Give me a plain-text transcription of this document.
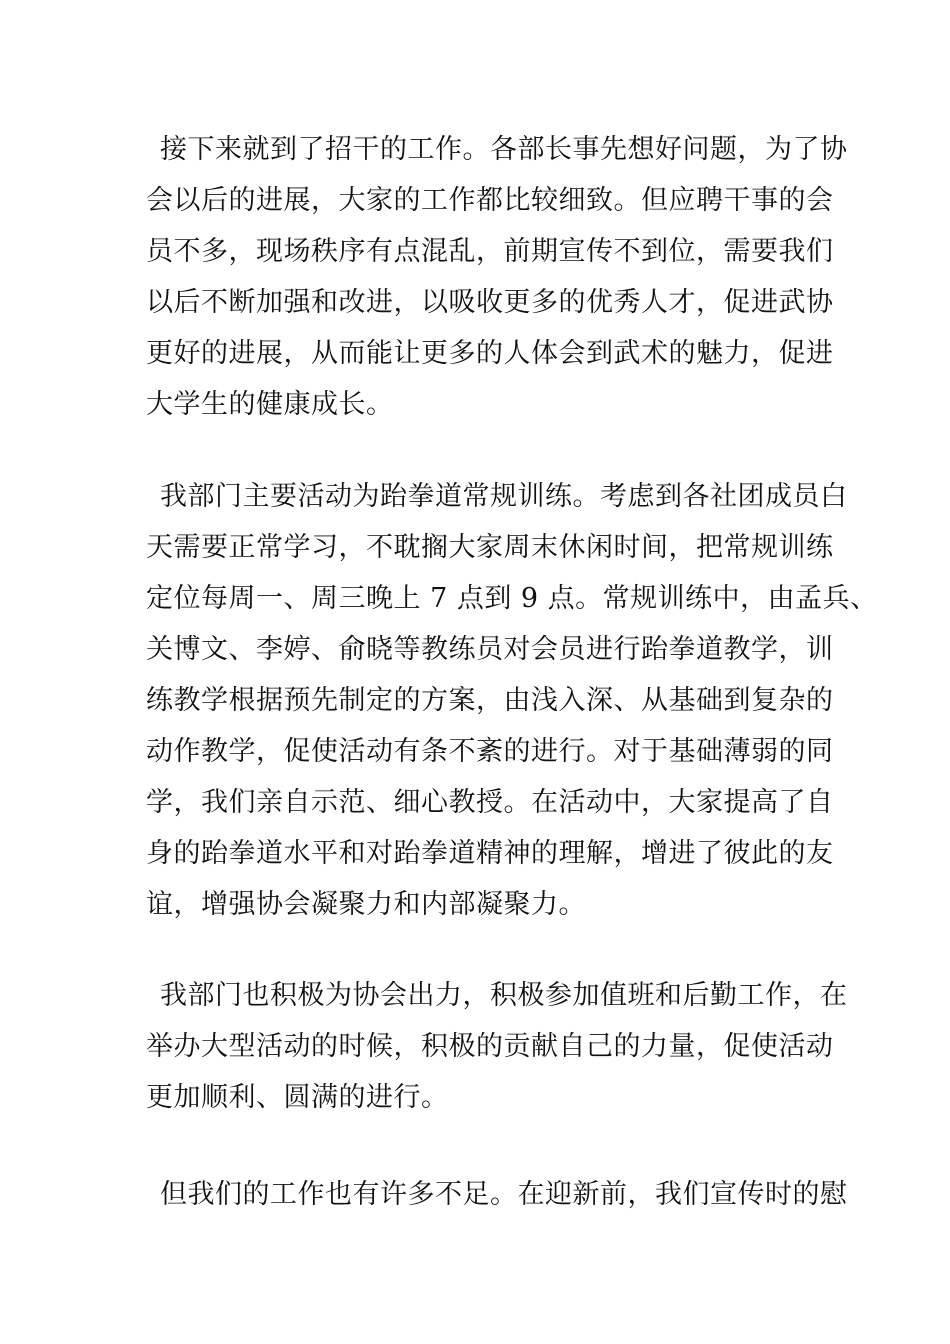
接下来就到了招干的工作。各部长事先想好问题，为了协
会以后的进展，大家的工作都比较细致。但应聘干事的会
员不多，现场秩序有点混乱，前期宣传不到位，需要我们
以后不断加强和改进，以吸收更多的优秀人才，促进武协
更好的进展，从而能让更多的人体会到武术的魅力，促进
大学生的健康成长。
我部门主要活动为跆拳道常规训练。考虑到各社团成员白
天需要正常学习，不耽搁大家周末休闲时间，把常规训练
定位每周一、周三晚上 7 点到 9 点。常规训练中，由孟兵、
关博文、李婷、俞晓等教练员对会员进行跆拳道教学，训
练教学根据预先制定的方案，由浅入深、从基础到复杂的
动作教学，促使活动有条不紊的进行。对于基础薄弱的同
学，我们亲自示范、细心教授。在活动中，大家提高了自
身的跆拳道水平和对跆拳道精神的理解，增进了彼此的友
谊，增强协会凝聚力和内部凝聚力。
我部门也积极为协会出力，积极参加值班和后勤工作，在
举办大型活动的时候，积极的贡献自己的力量，促使活动
更加顺利、圆满的进行。
但我们的工作也有许多不足。在迎新前，我们宣传时的慰
